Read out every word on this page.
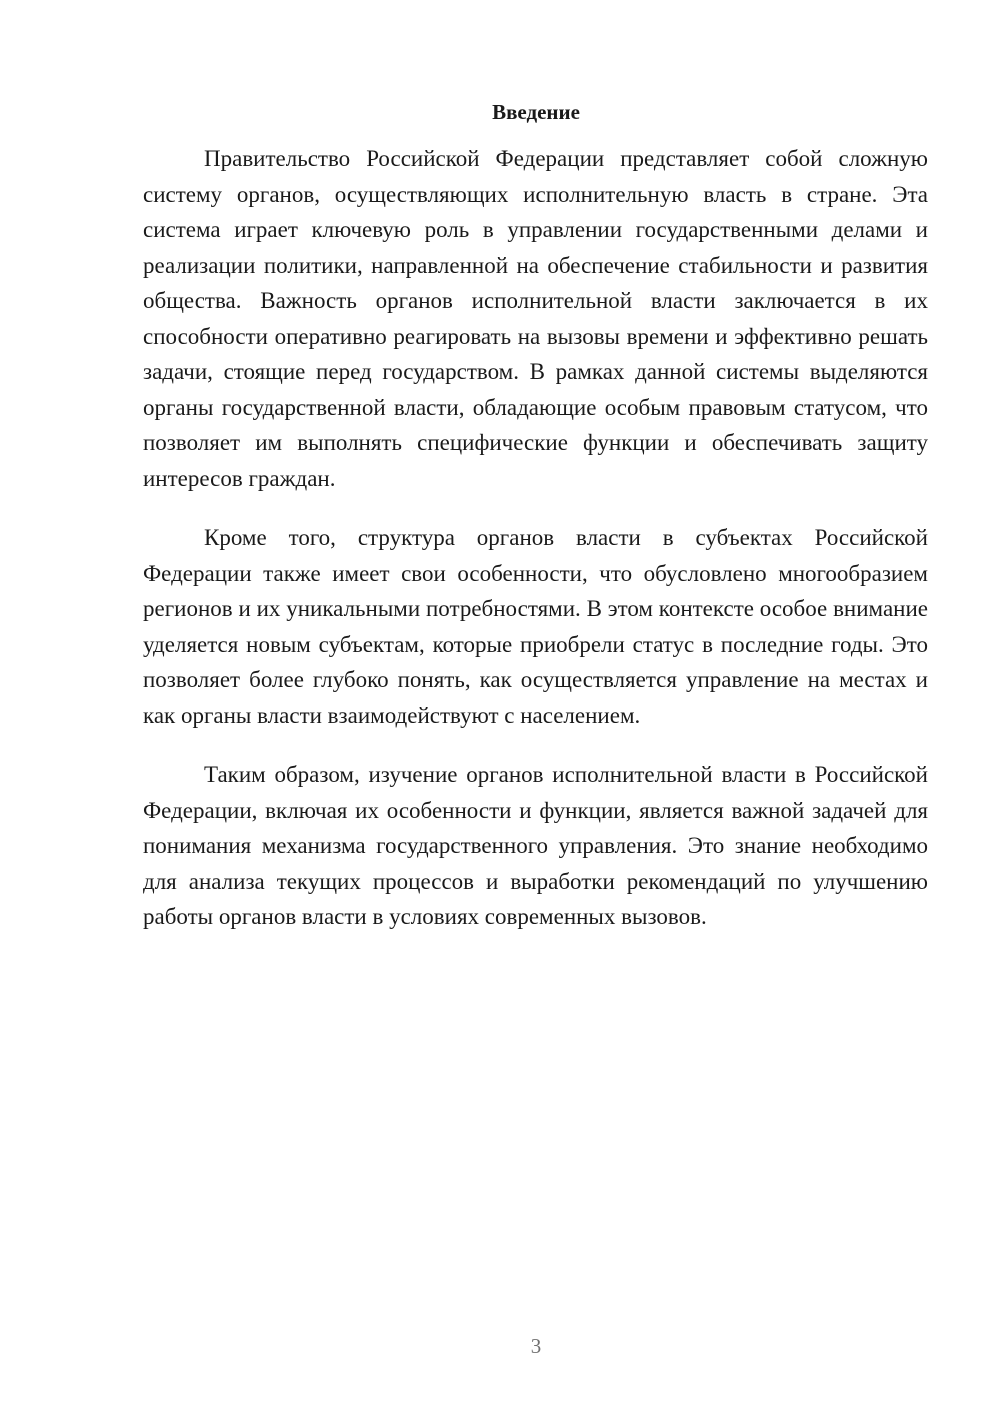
Введение

Правительство Российской Федерации представляет собой сложную систему органов, осуществляющих исполнительную власть в стране. Эта система играет ключевую роль в управлении государственными делами и реализации политики, направленной на обеспечение стабильности и развития общества. Важность органов исполнительной власти заключается в их способности оперативно реагировать на вызовы времени и эффективно решать задачи, стоящие перед государством. В рамках данной системы выделяются органы государственной власти, обладающие особым правовым статусом, что позволяет им выполнять специфические функции и обеспечивать защиту интересов граждан.

Кроме того, структура органов власти в субъектах Российской Федерации также имеет свои особенности, что обусловлено многообразием регионов и их уникальными потребностями. В этом контексте особое внимание уделяется новым субъектам, которые приобрели статус в последние годы. Это позволяет более глубоко понять, как осуществляется управление на местах и как органы власти взаимодействуют с населением.

Таким образом, изучение органов исполнительной власти в Российской Федерации, включая их особенности и функции, является важной задачей для понимания механизма государственного управления. Это знание необходимо для анализа текущих процессов и выработки рекомендаций по улучшению работы органов власти в условиях современных вызовов.

3
